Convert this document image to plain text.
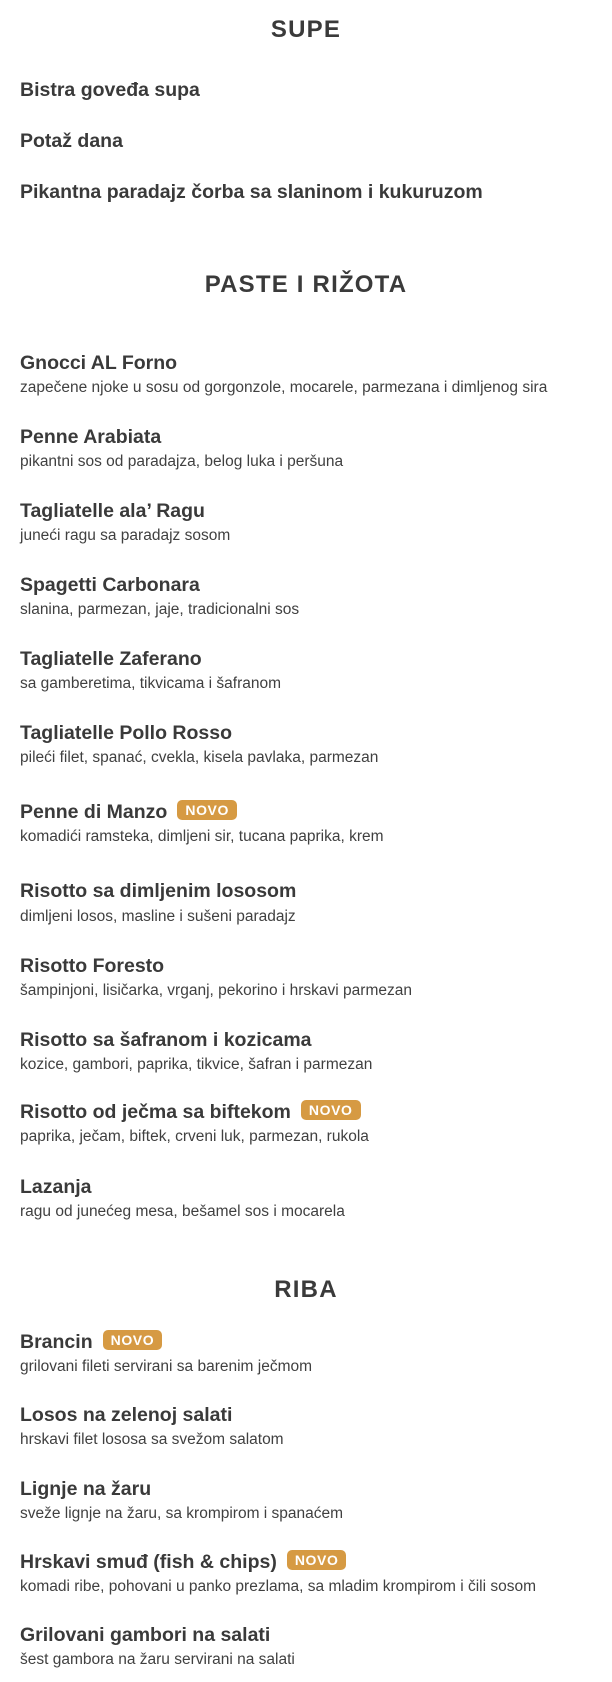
SUPE
Bistra goveđa supa
Potaž dana
Pikantna paradajz čorba sa slaninom i kukuruzom
PASTE I RIŽOTA
Gnocci AL Forno
zapečene njoke u sosu od gorgonzole, mocarele, parmezana i dimljenog sira
Penne Arabiata
pikantni sos od paradajza, belog luka i peršuna
Tagliatelle ala’ Ragu
juneći ragu sa paradajz sosom
Spagetti Carbonara
slanina, parmezan, jaje, tradicionalni sos
Tagliatelle Zaferano
sa gamberetima, tikvicama i šafranom
Tagliatelle Pollo Rosso
pileći filet, spanać, cvekla, kisela pavlaka, parmezan
Penne di Manzo NOVO
komadići ramsteka, dimljeni sir, tucana paprika, krem
Risotto sa dimljenim lososom
dimljeni losos, masline i sušeni paradajz
Risotto Foresto
šampinjoni, lisičarka, vrganj, pekorino i hrskavi parmezan
Risotto sa šafranom i kozicama
kozice, gambori, paprika, tikvice, šafran i parmezan
Risotto od ječma sa biftekom NOVO
paprika, ječam, biftek, crveni luk, parmezan, rukola
Lazanja
ragu od junećeg mesa, bešamel sos i mocarela
RIBA
Brancin NOVO
grilovani fileti servirani sa barenim ječmom
Losos na zelenoj salati
hrskavi filet lososa sa svežom salatom
Lignje na žaru
sveže lignje na žaru, sa krompirom i spanaćem
Hrskavi smuđ (fish & chips) NOVO
komadi ribe, pohovani u panko prezlama, sa mladim krompirom i čili sosom
Grilovani gambori na salati
šest gambora na žaru servirani na salati
